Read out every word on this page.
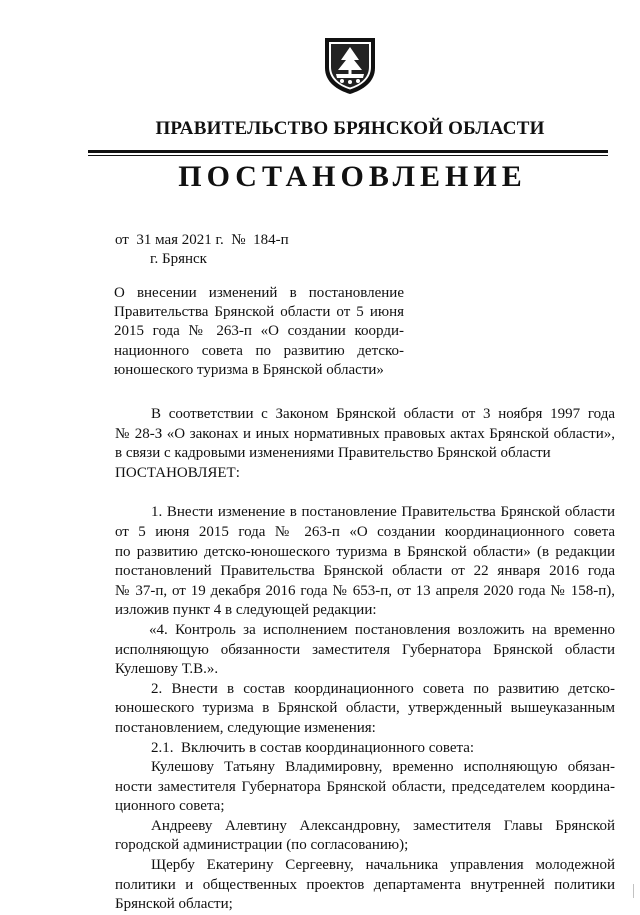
ПРАВИТЕЛЬСТВО БРЯНСКОЙ ОБЛАСТИ
ПОСТАНОВЛЕНИЕ
от  31 мая 2021 г.  №  184-п
г. Брянск
О   внесении   изменений   в   постановление
Правительства Брянской области от 5 июня
2015 года № 263-п «О создании коорди-
национного совета по развитию детско-
юношеского туризма в Брянской области»
В соответствии с Законом Брянской области от 3 ноября 1997 года
№ 28-З «О законах и иных нормативных правовых актах Брянской области»,
в связи с кадровыми изменениями Правительство Брянской области
ПОСТАНОВЛЯЕТ:
1. Внести изменение в постановление Правительства Брянской области
от 5 июня 2015 года № 263-п «О создании координационного совета
по развитию детско-юношеского туризма в Брянской области» (в редакции
постановлений Правительства Брянской области от 22 января 2016 года
№ 37-п, от 19 декабря 2016 года № 653-п, от 13 апреля 2020 года № 158-п),
изложив пункт 4 в следующей редакции:
«4. Контроль за исполнением постановления возложить на временно
исполняющую обязанности заместителя Губернатора Брянской области
Кулешову Т.В.».
2. Внести в состав координационного совета по развитию детско-
юношеского туризма в Брянской области, утвержденный вышеуказанным
постановлением, следующие изменения:
2.1.  Включить в состав координационного совета:
Кулешову Татьяну Владимировну, временно исполняющую обязан-
ности заместителя Губернатора Брянской области, председателем координа-
ционного совета;
Андрееву Алевтину Александровну, заместителя Главы Брянской
городской администрации (по согласованию);
Щербу Екатерину Сергеевну, начальника управления молодежной
политики и общественных проектов департамента внутренней политики
Брянской области;
